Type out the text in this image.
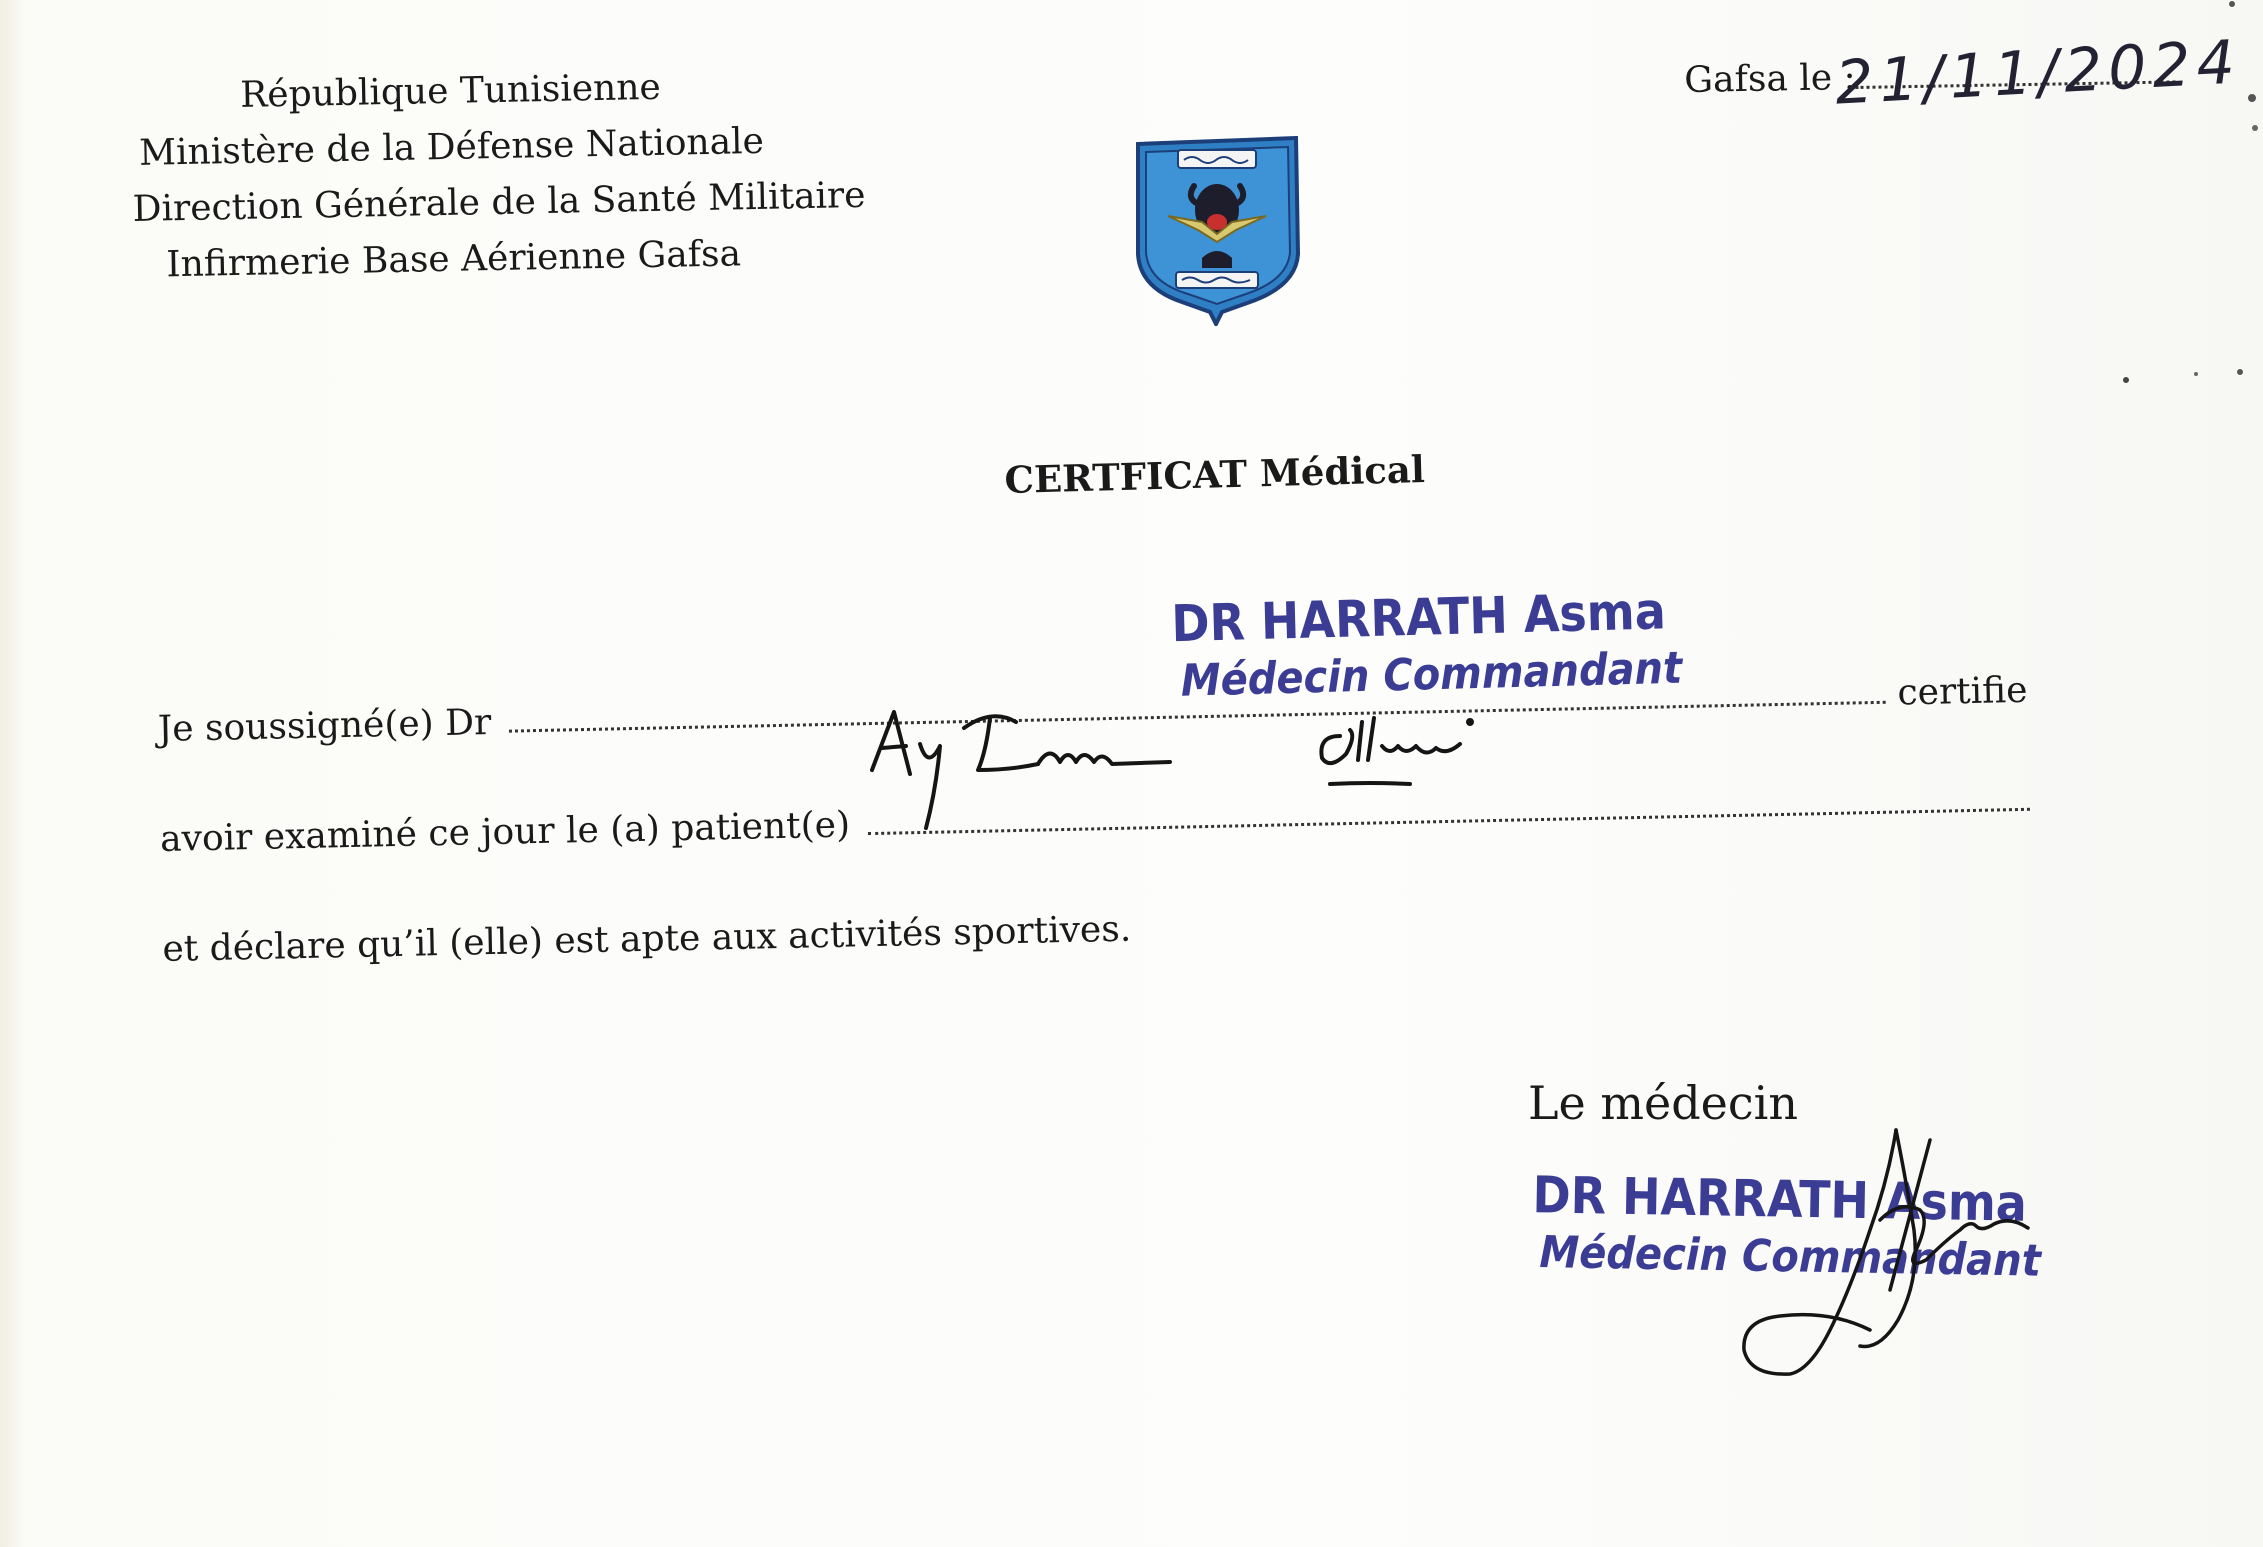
République Tunisienne
Ministère de la Défense Nationale
Direction Générale de la Santé Militaire
Infirmerie Base Aérienne Gafsa
Gafsa le :
21/11/2024
CERTFICAT Médical
Je soussigné(e) Dr
certifie
avoir examiné ce jour le (a) patient(e)
et déclare qu’il (elle) est apte aux activités sportives.
DR HARRATH Asma
Médecin Commandant
Le médecin
DR HARRATH Asma
Médecin Commandant
